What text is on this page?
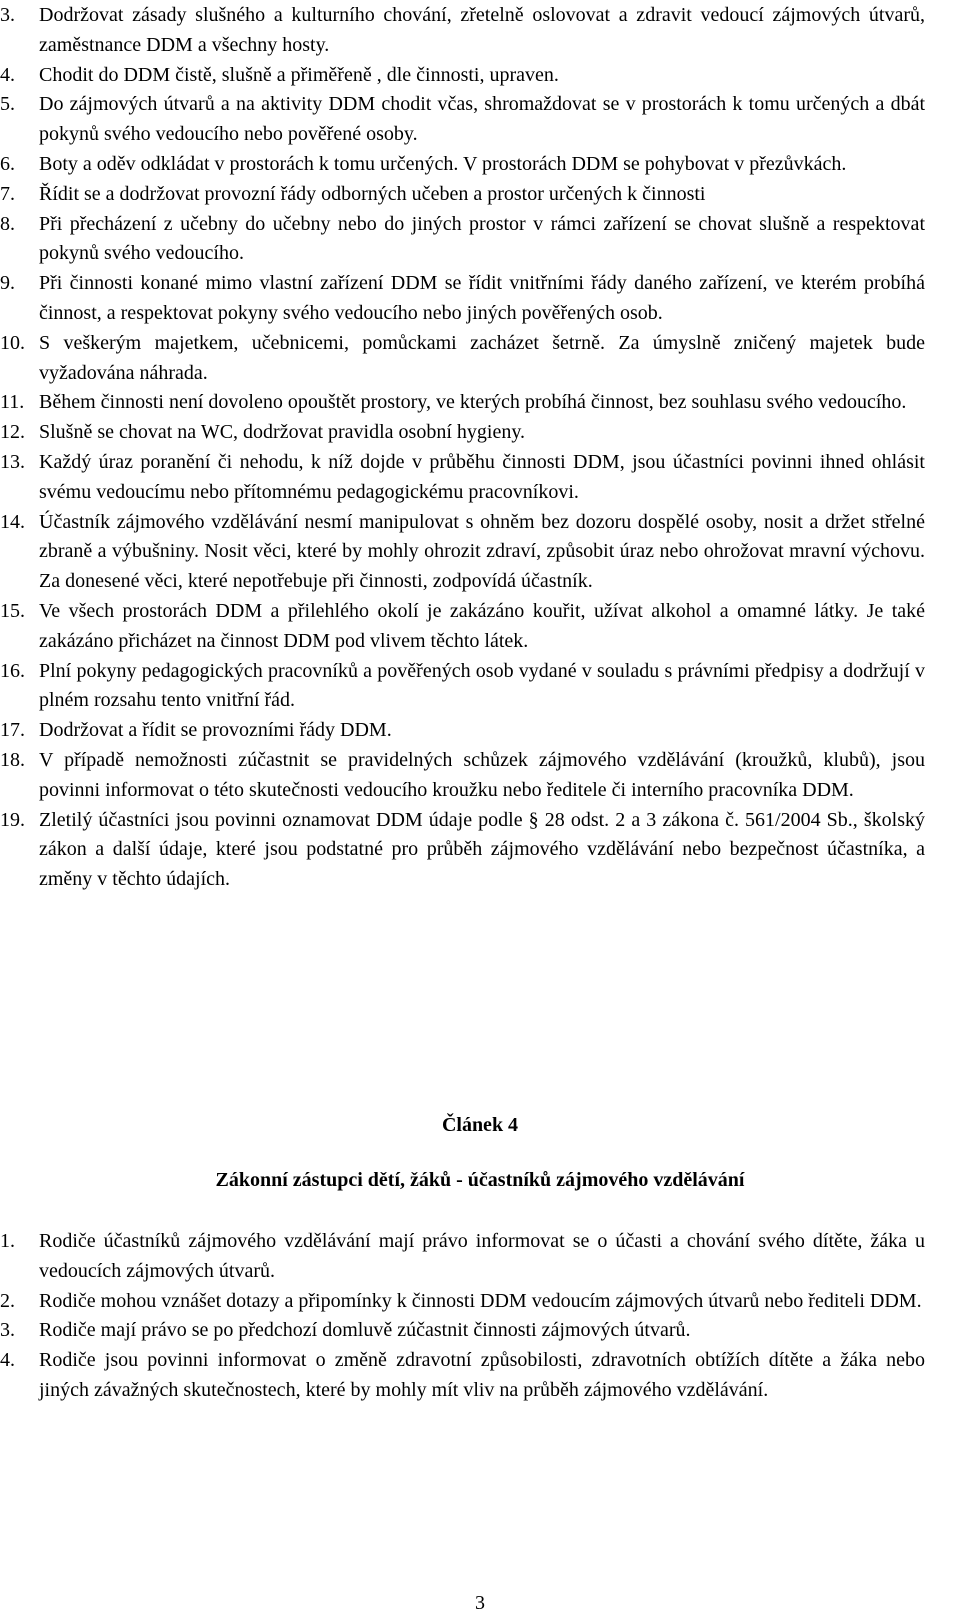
3.	Dodržovat zásady slušného a kulturního chování, zřetelně oslovovat a zdravit vedoucí zájmových útvarů, zaměstnance DDM a všechny hosty.

4.	Chodit do DDM čistě, slušně a přiměřeně , dle činnosti, upraven.

5.	Do zájmových útvarů a na aktivity DDM chodit včas, shromaždovat se v prostorách k tomu určených a dbát pokynů svého vedoucího nebo pověřené osoby.

6.	Boty a oděv odkládat v prostorách k tomu určených. V prostorách DDM se pohybovat v přezůvkách.

7.	Řídit se a dodržovat provozní řády odborných učeben a prostor určených k činnosti

8.	Při přecházení z učebny do učebny nebo do jiných prostor v rámci zařízení se chovat slušně a respektovat pokynů svého vedoucího.

9.	Při činnosti konané mimo vlastní zařízení DDM se řídit vnitřními řády daného zařízení, ve kterém probíhá činnost, a respektovat pokyny svého vedoucího nebo jiných pověřených osob.

10. S veškerým majetkem, učebnicemi, pomůckami zacházet šetrně. Za úmyslně zničený majetek bude vyžadována náhrada.

11. Během činnosti není dovoleno opouštět prostory, ve kterých probíhá činnost, bez souhlasu svého vedoucího.

12. Slušně se chovat na WC, dodržovat pravidla osobní hygieny.

13. Každý úraz poranění či nehodu, k níž dojde v průběhu činnosti DDM, jsou účastníci povinni ihned ohlásit svému vedoucímu nebo přítomnému pedagogickému pracovníkovi.

14. Účastník zájmového vzdělávání nesmí manipulovat s ohněm bez dozoru dospělé osoby, nosit a držet střelné zbraně a výbušniny. Nosit věci, které by mohly ohrozit zdraví, způsobit úraz nebo ohrožovat mravní výchovu. Za donesené věci, které nepotřebuje při činnosti, zodpovídá účastník.

15. Ve všech prostorách DDM a přilehlého okolí je zakázáno kouřit, užívat alkohol a omamné látky. Je také zakázáno přicházet na činnost DDM pod vlivem těchto látek.

16. Plní pokyny pedagogických pracovníků a pověřených osob vydané v souladu s právními předpisy a dodržují v plném rozsahu tento vnitřní řád.

17. Dodržovat a řídit se provozními řády DDM.

18. V případě nemožnosti zúčastnit se pravidelných schůzek zájmového vzdělávání (kroužků, klubů), jsou povinni informovat o této skutečnosti vedoucího kroužku nebo ředitele či interního pracovníka DDM.

19. Zletilý účastníci jsou povinni oznamovat DDM údaje podle § 28 odst. 2 a 3 zákona č. 561/2004 Sb., školský zákon a další údaje, které jsou podstatné pro průběh zájmového vzdělávání nebo bezpečnost účastníka, a změny v těchto údajích.

Článek 4
Zákonní zástupci dětí, žáků - účastníků zájmového vzdělávání

1.	Rodiče účastníků zájmového vzdělávání mají právo informovat se o účasti a chování svého dítěte, žáka u vedoucích zájmových útvarů.

2.	Rodiče mohou vznášet dotazy a připomínky k činnosti DDM vedoucím zájmových útvarů nebo řediteli DDM.

3.	Rodiče mají právo se po předchozí domluvě zúčastnit činnosti zájmových útvarů.

4.	Rodiče jsou povinni informovat o změně zdravotní způsobilosti, zdravotních obtížích dítěte a žáka nebo jiných závažných skutečnostech, které by mohly mít vliv na průběh zájmového vzdělávání.

3
